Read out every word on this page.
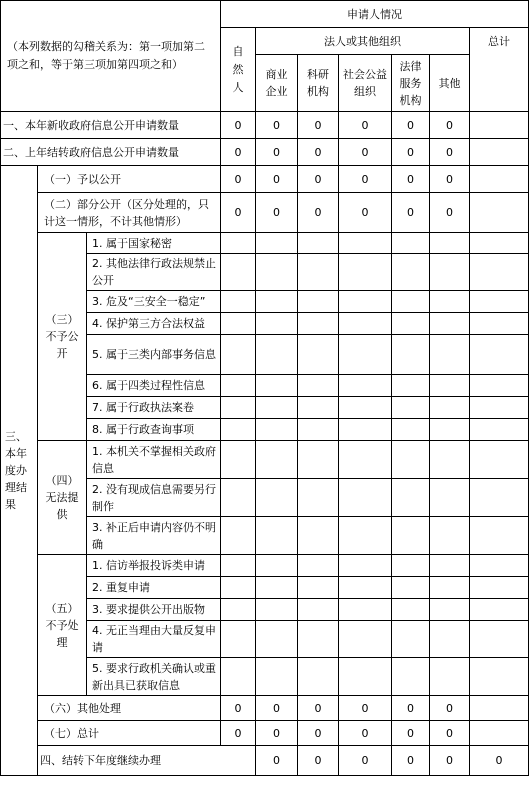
（本列数据的勾稽关系为：第一项加第二项之和，等于第三项加第四项之和）			申请人情况							
			自然人	法人或其他组织					总计	
				商业企业	科研机构	社会公益组织	法律服务机构	其他		
一、本年新收政府信息公开申请数量			0	0	0	0	0	0		
二、上年结转政府信息公开申请数量			0	0	0	0	0	0		
三、本年度办理结果	（一）予以公开		0	0	0	0	0	0		
	（二）部分公开（区分处理的，只计这一情形，不计其他情形）		0	0	0	0	0	0		
	（三）不予公开	1. 属于国家秘密								
		2. 其他法律行政法规禁止公开								
		3. 危及“三安全一稳定”								
		4. 保护第三方合法权益								
		5. 属于三类内部事务信息								
		6. 属于四类过程性信息								
		7. 属于行政执法案卷								
		8. 属于行政查询事项								
	（四）无法提供	1. 本机关不掌握相关政府信息								
		2. 没有现成信息需要另行制作								
		3. 补正后申请内容仍不明确								
	（五）不予处理	1. 信访举报投诉类申请								
		2. 重复申请								
		3. 要求提供公开出版物								
		4. 无正当理由大量反复申请								
		5. 要求行政机关确认或重新出具已获取信息								
	（六）其他处理		0	0	0	0	0	0		
	（七）总计		0	0	0	0	0	0		
	四、结转下年度继续办理			0	0	0	0	0	0	
